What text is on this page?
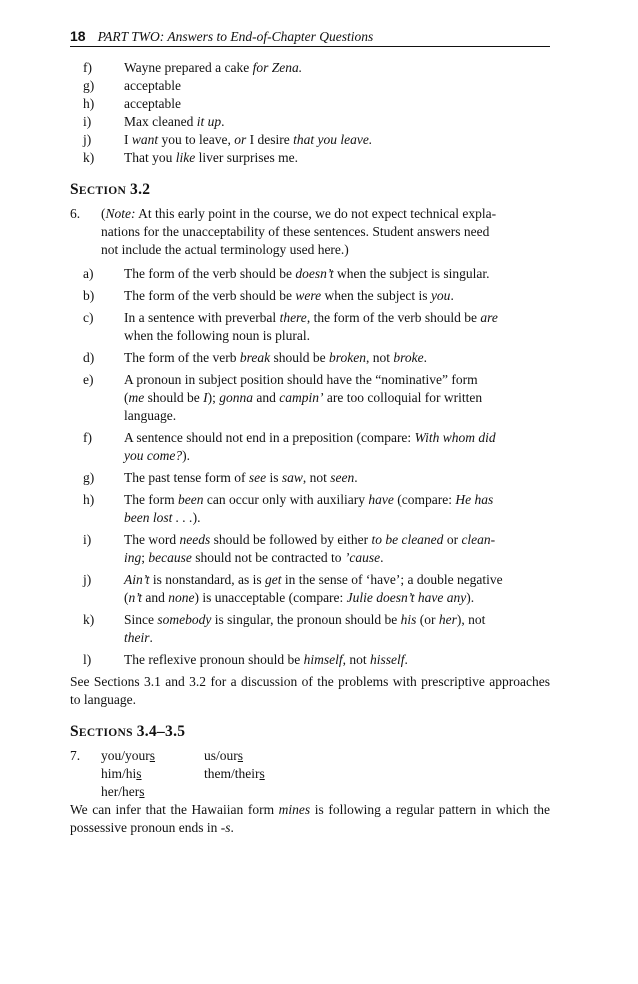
18 PART TWO: Answers to End-of-Chapter Questions
f) Wayne prepared a cake for Zena.
g) acceptable
h) acceptable
i) Max cleaned it up.
j) I want you to leave, or I desire that you leave.
k) That you like liver surprises me.
SECTION 3.2
6. (Note: At this early point in the course, we do not expect technical expla-
nations for the unacceptability of these sentences. Student answers need
not include the actual terminology used here.)
a) The form of the verb should be doesn’t when the subject is singular.
b) The form of the verb should be were when the subject is you.
c) In a sentence with preverbal there, the form of the verb should be are
when the following noun is plural.
d) The form of the verb break should be broken, not broke.
e) A pronoun in subject position should have the “nominative” form
(me should be I); gonna and campin’ are too colloquial for written
language.
f) A sentence should not end in a preposition (compare: With whom did
you come?).
g) The past tense form of see is saw, not seen.
h) The form been can occur only with auxiliary have (compare: He has
been lost . . .).
i) The word needs should be followed by either to be cleaned or clean-
ing; because should not be contracted to ’cause.
j) Ain’t is nonstandard, as is get in the sense of ‘have’; a double negative
(n’t and none) is unacceptable (compare: Julie doesn’t have any).
k) Since somebody is singular, the pronoun should be his (or her), not
their.
l) The reflexive pronoun should be himself, not hisself.
See Sections 3.1 and 3.2 for a discussion of the problems with prescriptive approaches to language.
SECTIONS 3.4–3.5
7. you/yours	us/ours
him/his	them/theirs
her/hers
We can infer that the Hawaiian form mines is following a regular pattern in which the possessive pronoun ends in -s.
